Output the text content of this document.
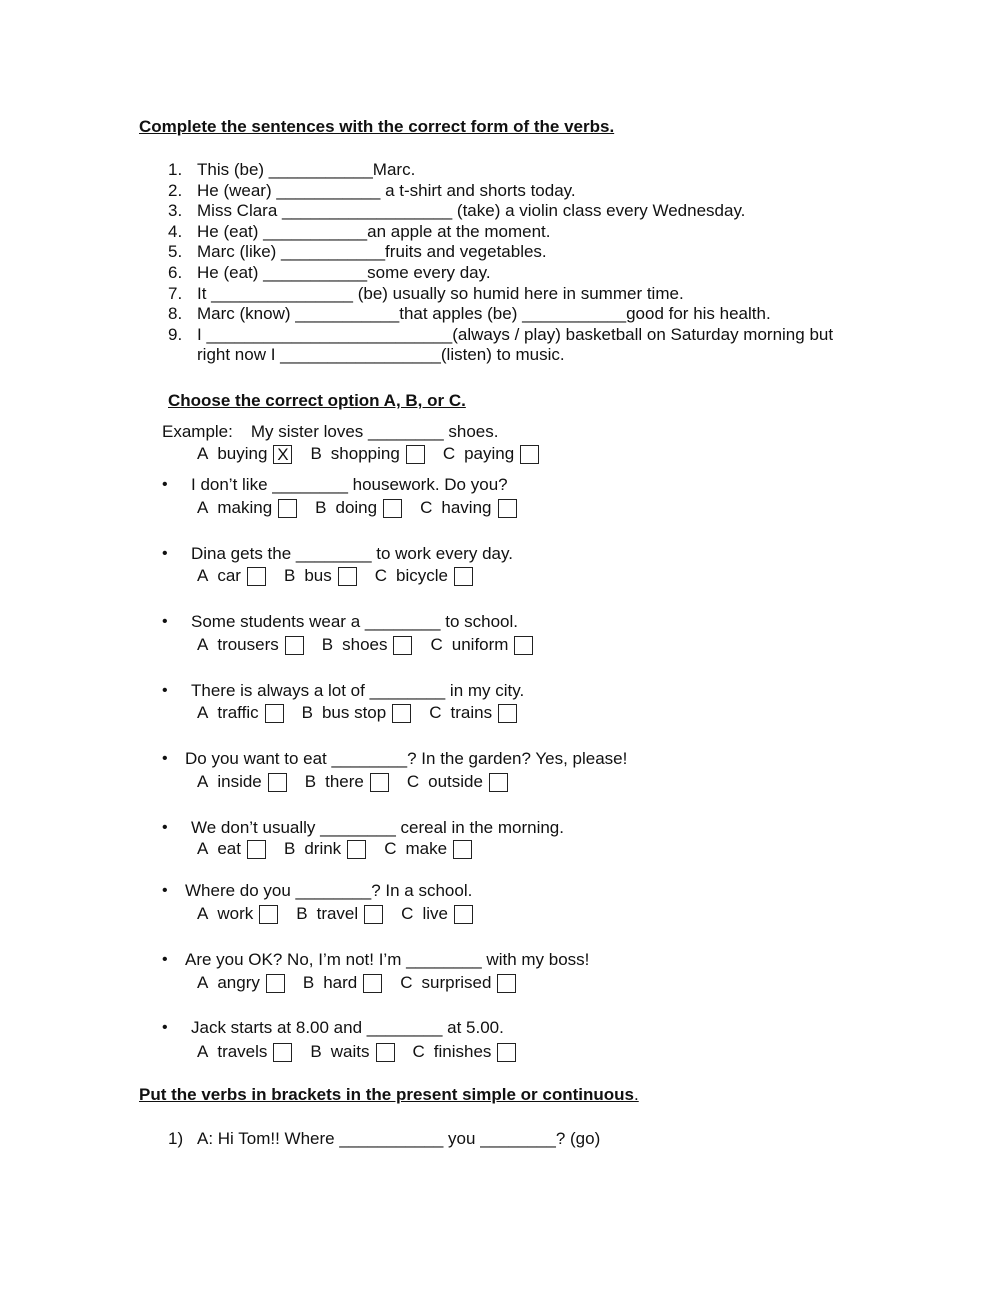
Complete the sentences with the correct form of the verbs.
1. This (be) ___________Marc.
2. He (wear) ___________ a t-shirt and shorts today.
3. Miss Clara __________________ (take) a violin class every Wednesday.
4. He (eat) ___________an apple at the moment.
5. Marc (like) ___________fruits and vegetables.
6. He (eat) ___________some every day.
7. It _______________ (be) usually so humid here in summer time.
8. Marc (know) ___________that apples (be) ___________good for his health.
9. I __________________________(always / play) basketball on Saturday morning but right now I _________________(listen) to music.
Choose the correct option A, B, or C.
Example: My sister loves ________ shoes.
A buying X B shopping	C paying
• I don’t like ________ housework. Do you?
A making	B doing	C having
• Dina gets the ________ to work every day.
A car	B bus	C bicycle
• Some students wear a ________ to school.
A trousers	B shoes	C uniform
• There is always a lot of ________ in my city.
A traffic	B bus stop	C trains
• Do you want to eat ________? In the garden? Yes, please!
A inside	B there	C outside
• We don’t usually ________ cereal in the morning.
A eat	B drink	C make
• Where do you ________? In a school.
A work	B travel	C live
• Are you OK? No, I’m not! I’m ________ with my boss!
A angry	B hard	C surprised
• Jack starts at 8.00 and ________ at 5.00.
A travels	B waits	C finishes
Put the verbs in brackets in the present simple or continuous.
1) A: Hi Tom!! Where ___________ you ________? (go)
